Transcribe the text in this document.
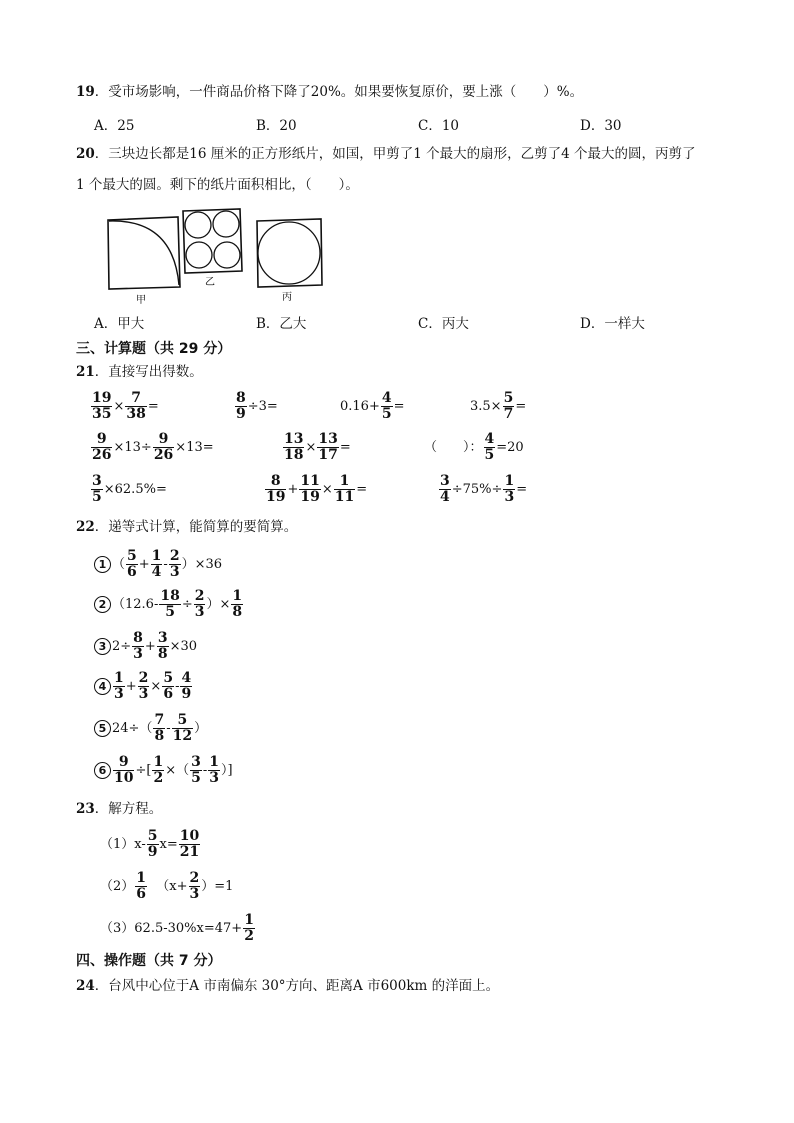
19．受市场影响，一件商品价格下降了20%。如果要恢复原价，要上涨（　　）%。
A．25	B．20	C．10	D．30
20．三块边长都是16 厘米的正方形纸片，如国，甲剪了1 个最大的扇形，乙剪了4 个最大的圆，丙剪了
1 个最大的圆。剩下的纸片面积相比，（　　）。
甲
乙
丙
A．甲大	B．乙大	C．丙大	D．一样大
三、计算题（共 29 分）
21．直接写出得数。
$\frac{19}{35} \times \frac{7}{38}$ =	$\frac{8}{9} \div 3=$	$0.16+ \frac{4}{5}$ =	$3.5\times \frac{5}{7}$ =
$\frac{9}{26} \times 13\div \frac{9}{26} \times 13=$	$\frac{13}{18} \times \frac{13}{17}$ =	（　　）： $\frac{4}{5} =20$
$\frac{3}{5} \times 62.5\%=$	$\frac{8}{19} + \frac{11}{19} \times \frac{1}{11}$ =	$\frac{3}{4} \div 75\%\div \frac{1}{3}$ =
22．递等式计算，能简算的要简算。
1 （ $\frac{5}{6} + \frac{1}{4} - \frac{2}{3} )\times 36$
2 （$12.6- \frac{18}{5} \div \frac{2}{3}$ ）× $\frac{1}{8}$
3 $2\div \frac{8}{3} + \frac{3}{8} \times 30$
$4 \frac{1}{3} + \frac{2}{3} \times \frac{5}{6} - \frac{4}{9}$
5 $24\div( \frac{7}{8} - \frac{5}{12}$ ）
$6 \frac{9}{10}$ ÷[ $\frac{1}{2}$ ×（ $\frac{3}{5} - \frac{1}{3}$ ）]
23．解方程。
$(1)x- \frac{5}{9} x= \frac{10}{21}$
$(2) \frac{1}{6} (x+ \frac{2}{3} )=1$
$(3)62.5-30\%x=47+ \frac{1}{2}$
四、操作题（共 7 分）
24．台风中心位于A 市南偏东 30°方向、距离A 市600km 的洋面上。
